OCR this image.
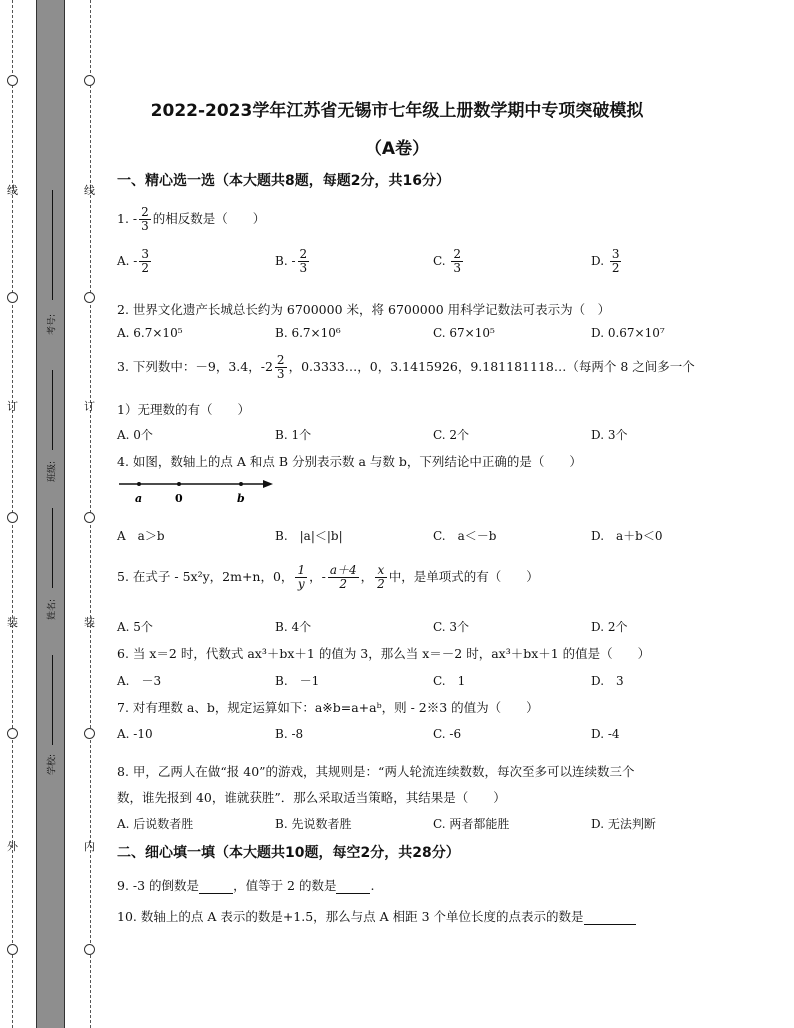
线
订
装
外
线
订
装
内
考号:
班级:
姓名:
学校:
2022-2023学年江苏省无锡市七年级上册数学期中专项突破模拟
（A卷）
一、精心选一选（本大题共8题，每题2分，共16分）
1. - $\frac{2}{3}$ 的相反数是（　　）
A. - $\frac{3}{2}$	B. - $\frac{2}{3}$	C. $\frac{2}{3}$	D. $\frac{3}{2}$
2. 世界文化遗产长城总长约为 6700000 米，将 6700000 用科学记数法可表示为（　）
A. 6.7×10⁵	B. 6.7×10⁶	C. 67×10⁵	D. 0.67×10⁷
3. 下列数中：－9，3.4，$-2 \frac{2}{3}$ ，0.3333…，0，3.1415926，9.181181118…（每两个 8 之间多一个
1）无理数的有（　　）
A. 0个	B. 1个	C. 2个	D. 3个
4. 如图，数轴上的点 A 和点 B 分别表示数 a 与数 b，下列结论中正确的是（　　）
a	0	b
A　a＞b	B.　|a|＜|b|	C.　a＜－b	D.　a＋b＜0
5. 在式子 - 5x²y，2m+n，0， $\frac{1}{y}$ ，- $\frac{a+4}{2}$ ， $\frac{x}{2}$ 中，是单项式的有（　　）
A. 5个	B. 4个	C. 3个	D. 2个
6. 当 x＝2 时，代数式 ax³＋bx＋1 的值为 3，那么当 x＝－2 时，ax³＋bx＋1 的值是（　　）
A.　－3	B.　－1	C.　1	D.　3
7. 对有理数 a、b，规定运算如下：a※b=a+aᵇ，则 - 2※3 的值为（　　）
A. -10	B. -8	C. -6	D. -4
8. 甲，乙两人在做“报 40”的游戏，其规则是：“两人轮流连续数数，每次至多可以连续数三个
数，谁先报到 40，谁就获胜”．那么采取适当策略，其结果是（　　）
A. 后说数者胜	B. 先说数者胜	C. 两者都能胜	D. 无法判断
二、细心填一填（本大题共10题，每空2分，共28分）
9. -3 的倒数是	，值等于 2 的数是	.
10. 数轴上的点 A 表示的数是+1.5，那么与点 A 相距 3 个单位长度的点表示的数是
